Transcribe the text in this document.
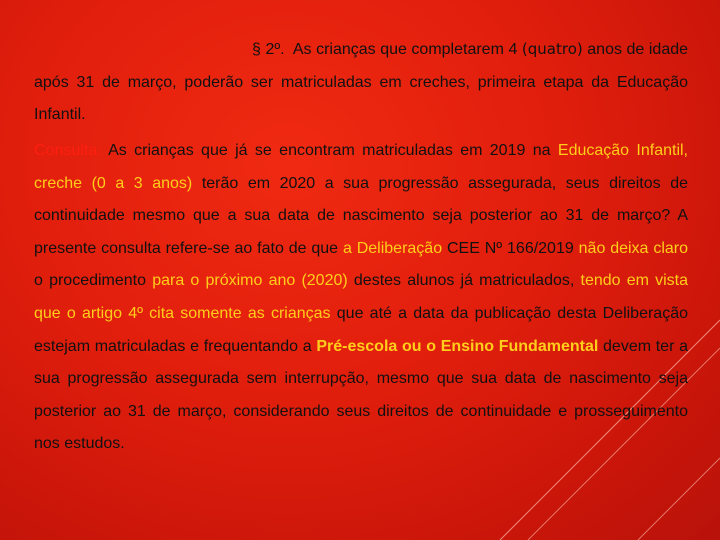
§ 2º. As crianças que completarem 4 (quatro) anos de idade após 31 de março, poderão ser matriculadas em creches, primeira etapa da Educação Infantil.

Consulta: As crianças que já se encontram matriculadas em 2019 na Educação Infantil, creche (0 a 3 anos) terão em 2020 a sua progressão assegurada, seus direitos de continuidade mesmo que a sua data de nascimento seja posterior ao 31 de março? A presente consulta refere-se ao fato de que a Deliberação CEE Nº 166/2019 não deixa claro o procedimento para o próximo ano (2020) destes alunos já matriculados, tendo em vista que o artigo 4º cita somente as crianças que até a data da publicação desta Deliberação estejam matriculadas e frequentando a Pré-escola ou o Ensino Fundamental devem ter a sua progressão assegurada sem interrupção, mesmo que sua data de nascimento seja posterior ao 31 de março, considerando seus direitos de continuidade e prosseguimento nos estudos.
